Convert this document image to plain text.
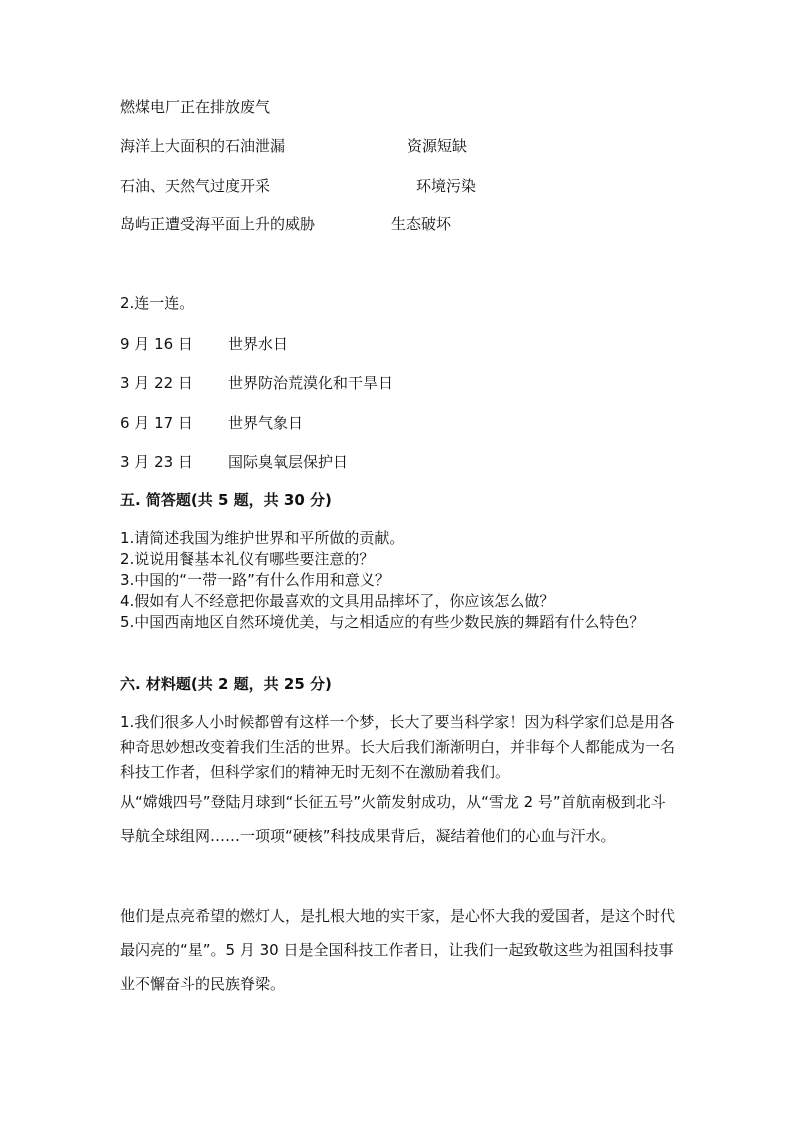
燃煤电厂正在排放废气
海洋上大面积的石油泄漏	资源短缺
石油、天然气过度开采	环境污染
岛屿正遭受海平面上升的威胁	生态破坏
2.连一连。
9 月 16 日 世界水日
3 月 22 日 世界防治荒漠化和干旱日
6 月 17 日 世界气象日
3 月 23 日 国际臭氧层保护日
五. 简答题(共 5 题，共 30 分)
1.请简述我国为维护世界和平所做的贡献。
2.说说用餐基本礼仪有哪些要注意的？
3.中国的“一带一路”有什么作用和意义？
4.假如有人不经意把你最喜欢的文具用品摔坏了，你应该怎么做？
5.中国西南地区自然环境优美，与之相适应的有些少数民族的舞蹈有什么特色？
六. 材料题(共 2 题，共 25 分)
1.我们很多人小时候都曾有这样一个梦，长大了要当科学家！因为科学家们总是用各种奇思妙想改变着我们生活的世界。长大后我们渐渐明白，并非每个人都能成为一名科技工作者，但科学家们的精神无时无刻不在激励着我们。
从“嫦娥四号”登陆月球到“长征五号”火箭发射成功，从“雪龙 2 号”首航南极到北斗导航全球组网……一项项“硬核”科技成果背后，凝结着他们的心血与汗水。
他们是点亮希望的燃灯人，是扎根大地的实干家，是心怀大我的爱国者，是这个时代最闪亮的“星”。5 月 30 日是全国科技工作者日，让我们一起致敬这些为祖国科技事业不懈奋斗的民族脊梁。
